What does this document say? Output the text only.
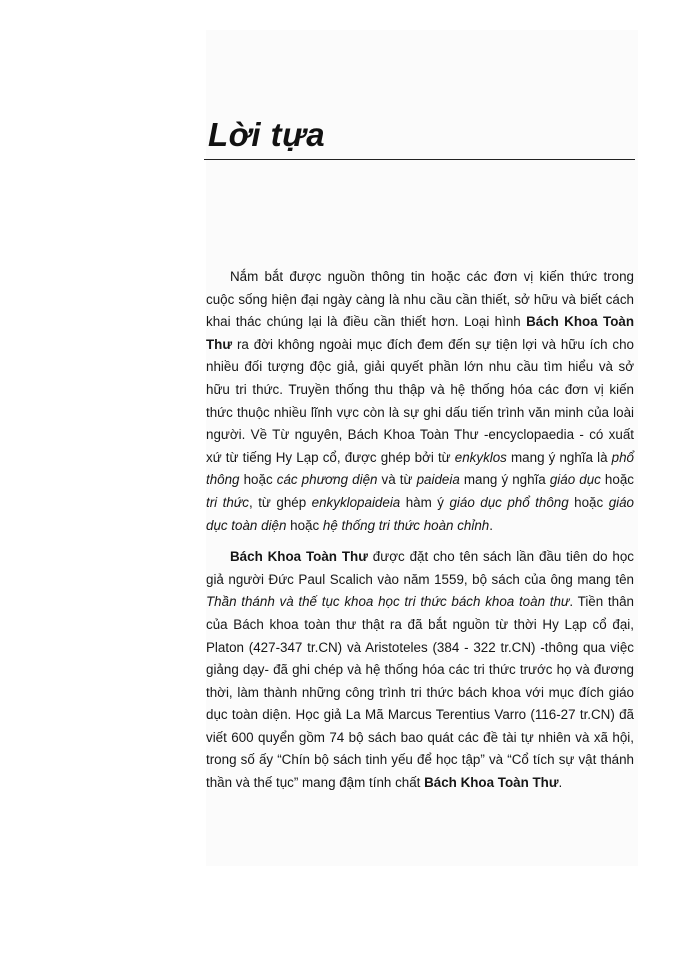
Lời tựa

Nắm bắt được nguồn thông tin hoặc các đơn vị kiến thức trong cuộc sống hiện đại ngày càng là nhu cầu cần thiết, sở hữu và biết cách khai thác chúng lại là điều cần thiết hơn. Loại hình Bách Khoa Toàn Thư ra đời không ngoài mục đích đem đến sự tiện lợi và hữu ích cho nhiều đối tượng độc giả, giải quyết phần lớn nhu cầu tìm hiểu và sở hữu tri thức. Truyền thống thu thập và hệ thống hóa các đơn vị kiến thức thuộc nhiều lĩnh vực còn là sự ghi dấu tiến trình văn minh của loài người. Về Từ nguyên, Bách Khoa Toàn Thư -encyclopaedia - có xuất xứ từ tiếng Hy Lạp cổ, được ghép bởi từ enkyklos mang ý nghĩa là phổ thông hoặc các phương diện và từ paideia mang ý nghĩa giáo dục hoặc tri thức, từ ghép enkyklopaideia hàm ý giáo dục phổ thông hoặc giáo dục toàn diện hoặc hệ thống tri thức hoàn chỉnh.

Bách Khoa Toàn Thư được đặt cho tên sách lần đầu tiên do học giả người Đức Paul Scalich vào năm 1559, bộ sách của ông mang tên Thần thánh và thế tục khoa học tri thức bách khoa toàn thư. Tiền thân của Bách khoa toàn thư thật ra đã bắt nguồn từ thời Hy Lạp cổ đại, Platon (427-347 tr.CN) và Aristoteles (384 - 322 tr.CN) -thông qua việc giảng dạy- đã ghi chép và hệ thống hóa các tri thức trước họ và đương thời, làm thành những công trình tri thức bách khoa với mục đích giáo dục toàn diện. Học giả La Mã Marcus Terentius Varro (116-27 tr.CN) đã viết 600 quyển gồm 74 bộ sách bao quát các đề tài tự nhiên và xã hội, trong số ấy “Chín bộ sách tinh yếu để học tập” và “Cổ tích sự vật thánh thần và thế tục” mang đậm tính chất Bách Khoa Toàn Thư.
